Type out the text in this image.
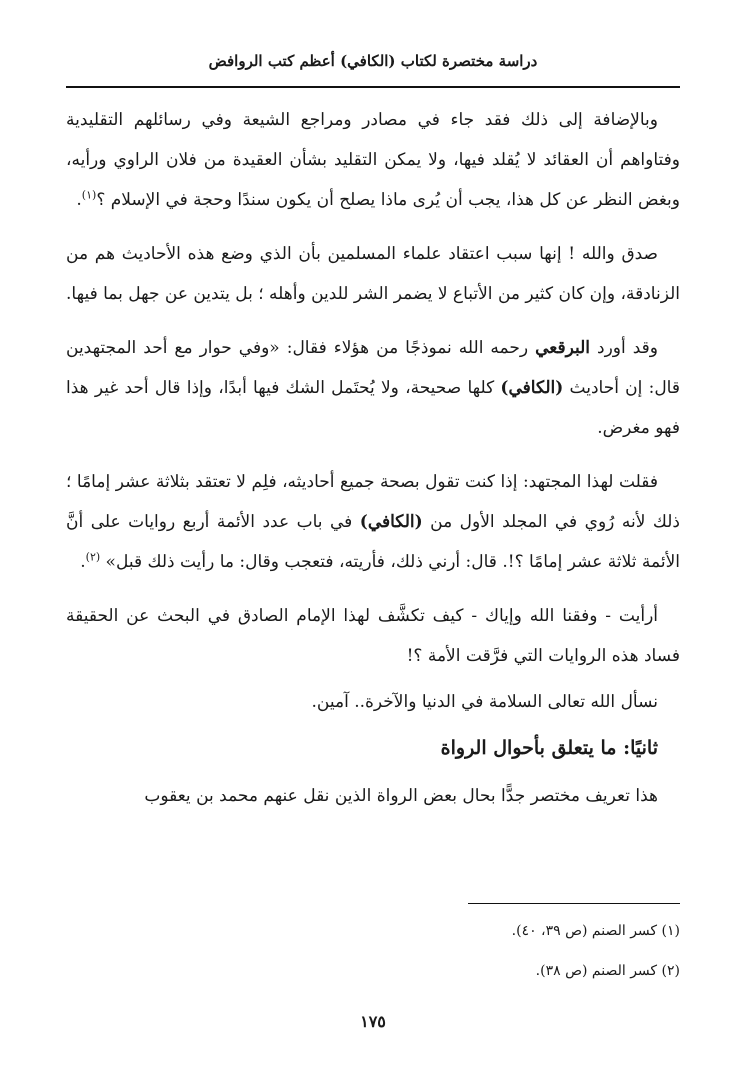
دراسة مختصرة لكتاب (الكافي) أعظم كتب الروافض

وبالإضافة إلى ذلك فقد جاء في مصادر ومراجع الشيعة وفي رسائلهم التقليدية وفتاواهم أن العقائد لا يُقلد فيها، ولا يمكن التقليد بشأن العقيدة من فلان الراوي ورأيه، وبغض النظر عن كل هذا، يجب أن يُرى ماذا يصلح أن يكون سندًا وحجة في الإسلام ؟$^{(١)}$.

صدق والله ! إنها سبب اعتقاد علماء المسلمين بأن الذي وضع هذه الأحاديث هم من الزنادقة، وإن كان كثير من الأتباع لا يضمر الشر للدين وأهله ؛ بل يتدين عن جهل بما فيها.

وقد أورد البرقعي رحمه الله نموذجًا من هؤلاء فقال: «وفي حوار مع أحد المجتهدين قال: إن أحاديث (الكافي) كلها صحيحة، ولا يُحتَمل الشك فيها أبدًا، وإذا قال أحد غير هذا فهو مغرض.

فقلت لهذا المجتهد: إذا كنت تقول بصحة جميع أحاديثه، فلِم لا تعتقد بثلاثة عشر إمامًا ؛ ذلك لأنه رُوي في المجلد الأول من (الكافي) في باب عدد الأئمة أربع روايات على أنَّ الأئمة ثلاثة عشر إمامًا ؟!. قال: أرني ذلك، فأريته، فتعجب وقال: ما رأيت ذلك قبل» $^{(٢)}$.

أرأيت - وفقنا الله وإياك - كيف تكشَّف لهذا الإمام الصادق في البحث عن الحقيقة فساد هذه الروايات التي فرَّقت الأمة ؟!

نسأل الله تعالى السلامة في الدنيا والآخرة.. آمين.

ثانيًا: ما يتعلق بأحوال الرواة

هذا تعريف مختصر جدًّا بحال بعض الرواة الذين نقل عنهم محمد بن يعقوب

(١) كسر الصنم (ص ٣٩، ٤٠).

(٢) كسر الصنم (ص ٣٨).

١٧٥
